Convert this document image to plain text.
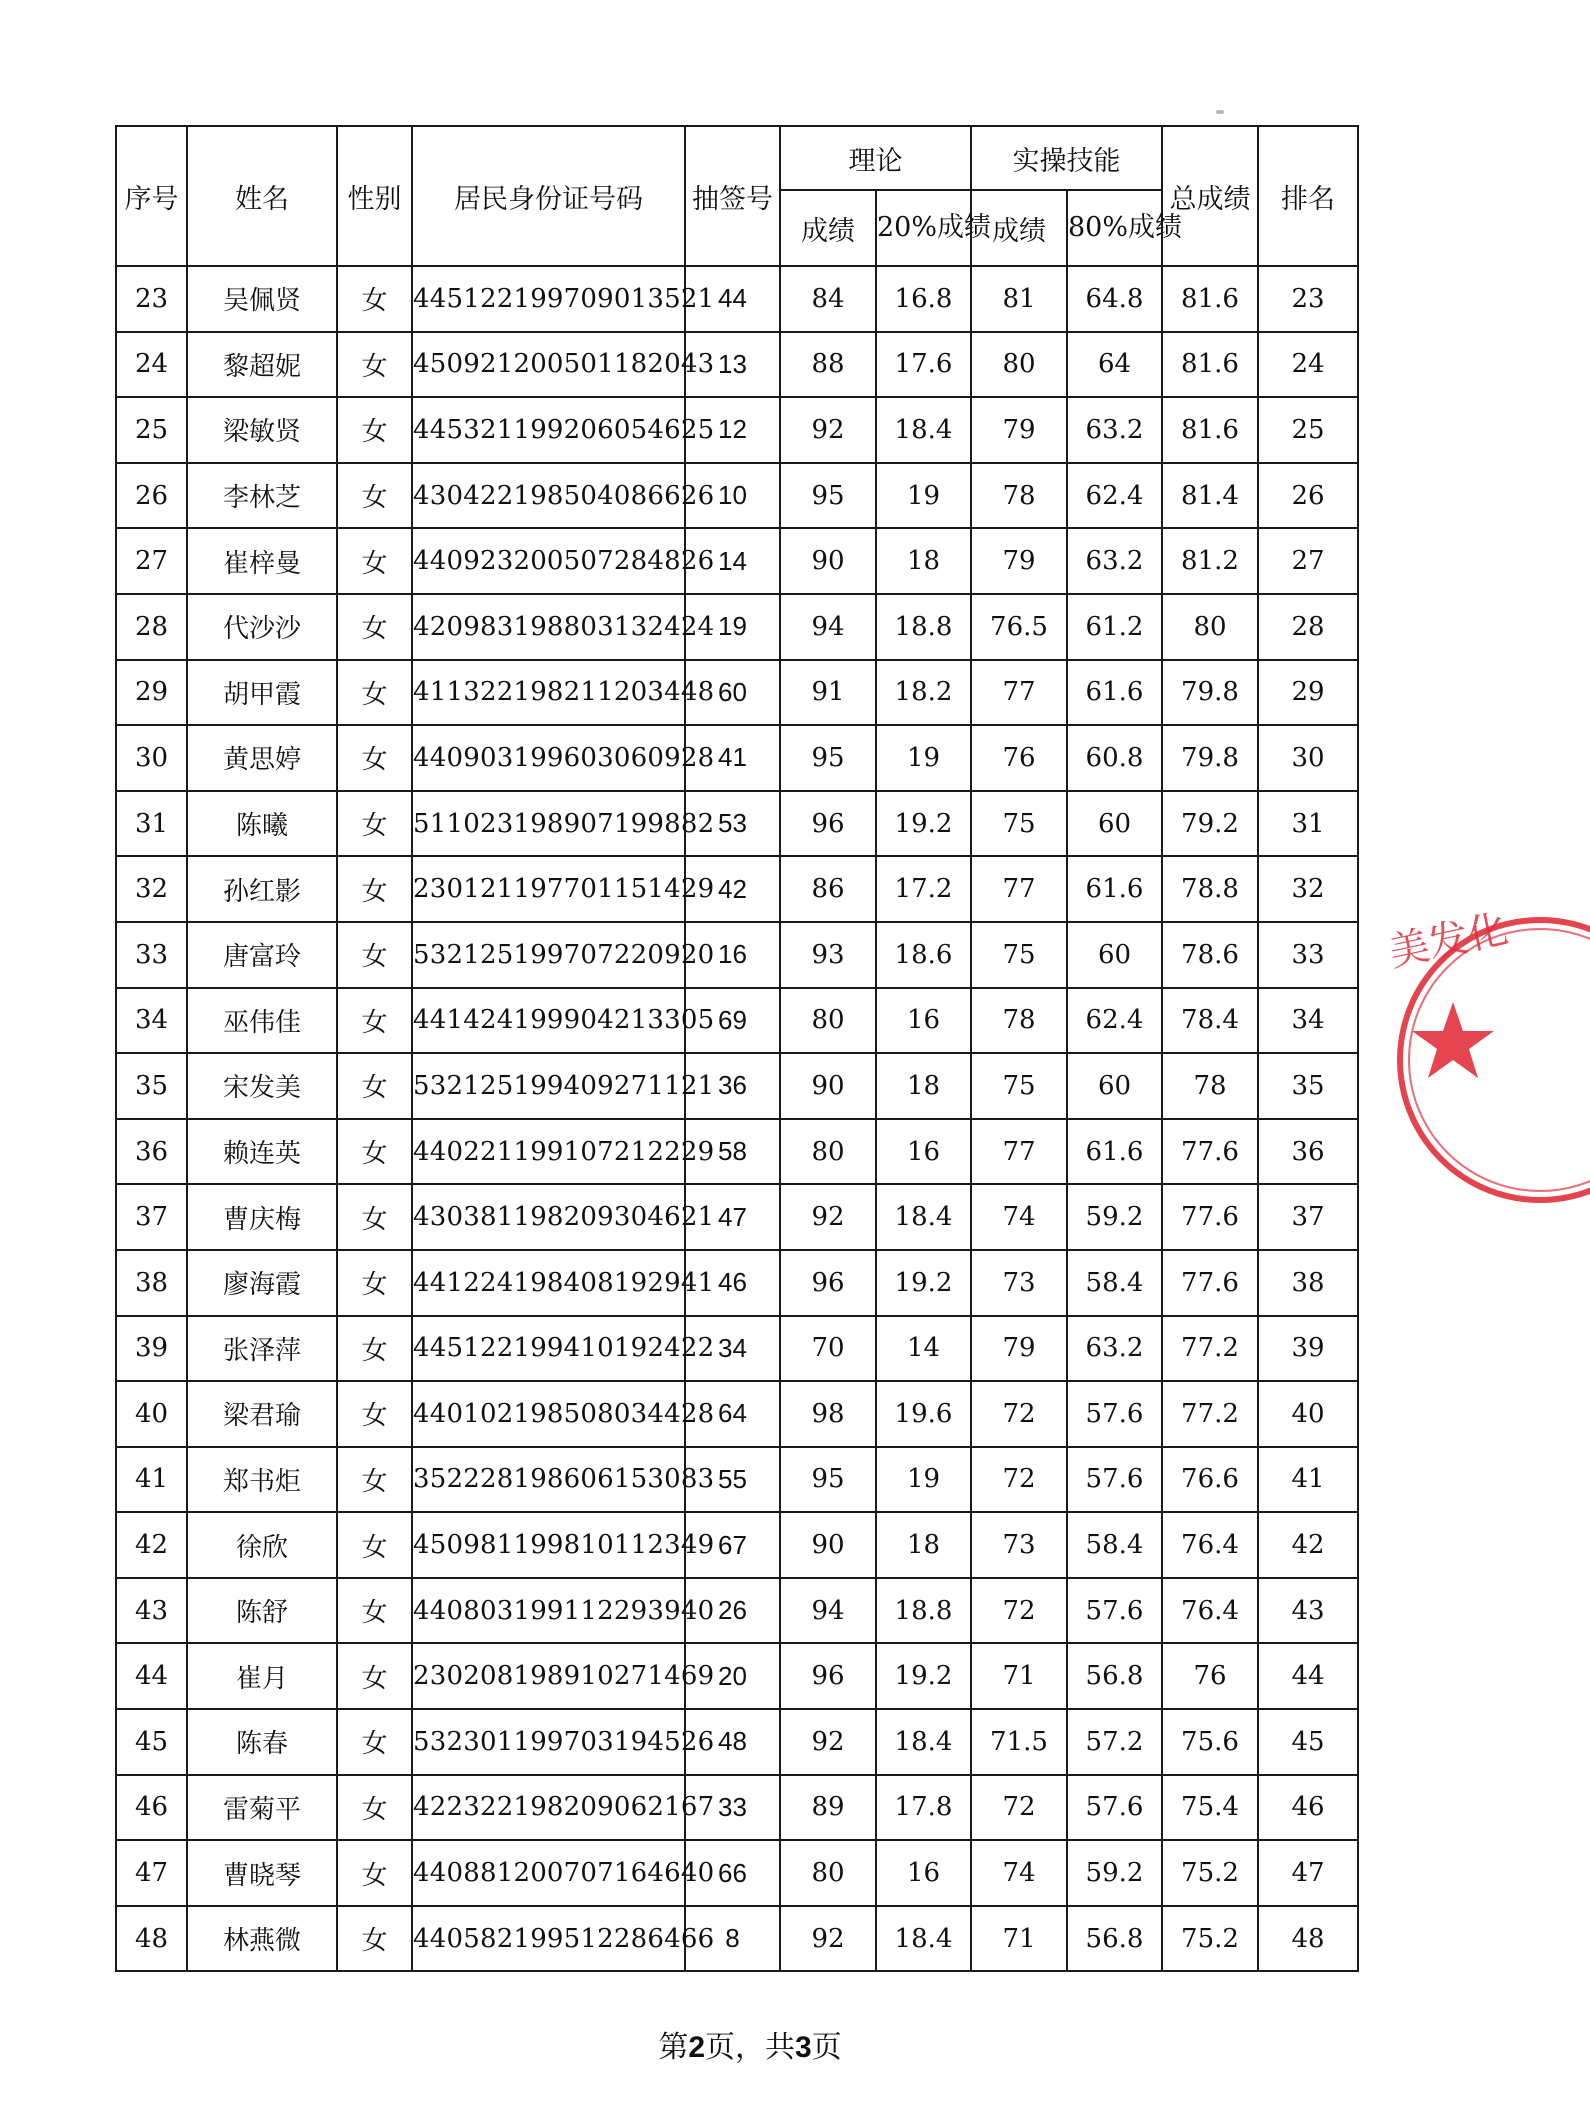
序号	姓名	性别	居民身份证号码	抽签号	理论		实操技能		总成绩	排名
					成绩	20%成绩	成绩	80%成绩		
23	吴佩贤	女	445122199709013521	44	84	16.8	81	64.8	81.6	23
24	黎超妮	女	450921200501182043	13	88	17.6	80	64	81.6	24
25	梁敏贤	女	445321199206054625	12	92	18.4	79	63.2	81.6	25
26	李林芝	女	430422198504086626	10	95	19	78	62.4	81.4	26
27	崔梓曼	女	440923200507284826	14	90	18	79	63.2	81.2	27
28	代沙沙	女	420983198803132424	19	94	18.8	76.5	61.2	80	28
29	胡甲霞	女	411322198211203448	60	91	18.2	77	61.6	79.8	29
30	黄思婷	女	440903199603060928	41	95	19	76	60.8	79.8	30
31	陈曦	女	511023198907199882	53	96	19.2	75	60	79.2	31
32	孙红影	女	230121197701151429	42	86	17.2	77	61.6	78.8	32
33	唐富玲	女	532125199707220920	16	93	18.6	75	60	78.6	33
34	巫伟佳	女	441424199904213305	69	80	16	78	62.4	78.4	34
35	宋发美	女	532125199409271121	36	90	18	75	60	78	35
36	赖连英	女	440221199107212229	58	80	16	77	61.6	77.6	36
37	曹庆梅	女	430381198209304621	47	92	18.4	74	59.2	77.6	37
38	廖海霞	女	441224198408192941	46	96	19.2	73	58.4	77.6	38
39	张泽萍	女	445122199410192422	34	70	14	79	63.2	77.2	39
40	梁君瑜	女	440102198508034428	64	98	19.6	72	57.6	77.2	40
41	郑书炬	女	352228198606153083	55	95	19	72	57.6	76.6	41
42	徐欣	女	450981199810112349	67	90	18	73	58.4	76.4	42
43	陈舒	女	440803199112293940	26	94	18.8	72	57.6	76.4	43
44	崔月	女	230208198910271469	20	96	19.2	71	56.8	76	44
45	陈春	女	532301199703194526	48	92	18.4	71.5	57.2	75.6	45
46	雷菊平	女	422322198209062167	33	89	17.8	72	57.6	75.4	46
47	曹晓琴	女	440881200707164640	66	80	16	74	59.2	75.2	47
48	林燕微	女	440582199512286466	8	92	18.4	71	56.8	75.2	48
美发化
第2页，共3页
